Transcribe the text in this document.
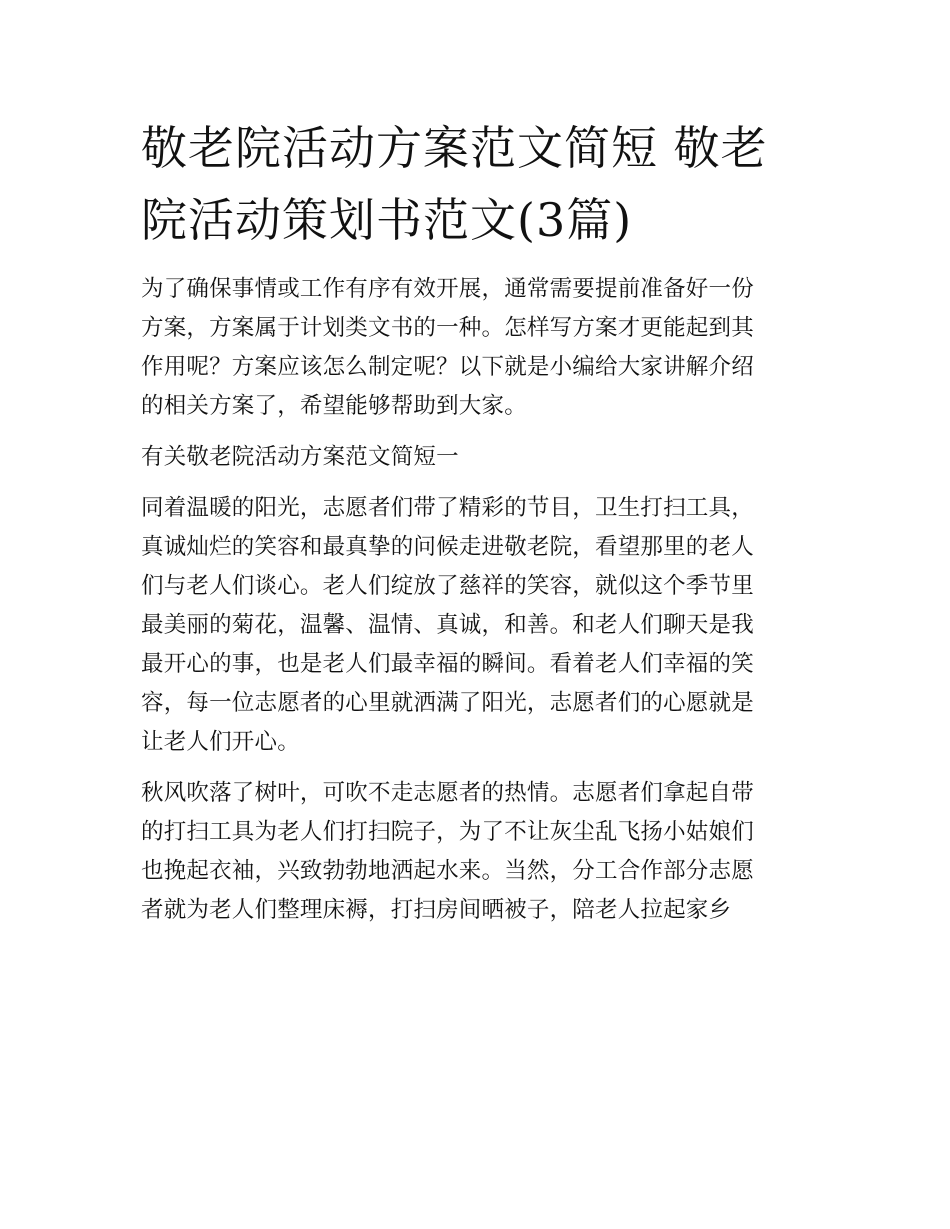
敬老院活动方案范文简短 敬老
院活动策划书范文(3篇)

为了确保事情或工作有序有效开展，通常需要提前准备好一份
方案，方案属于计划类文书的一种。怎样写方案才更能起到其
作用呢？方案应该怎么制定呢？以下就是小编给大家讲解介绍
的相关方案了，希望能够帮助到大家。

有关敬老院活动方案范文简短一

同着温暖的阳光，志愿者们带了精彩的节目，卫生打扫工具，
真诚灿烂的笑容和最真挚的问候走进敬老院，看望那里的老人
们与老人们谈心。老人们绽放了慈祥的笑容，就似这个季节里
最美丽的菊花，温馨、温情、真诚，和善。和老人们聊天是我
最开心的事，也是老人们最幸福的瞬间。看着老人们幸福的笑
容，每一位志愿者的心里就洒满了阳光，志愿者们的心愿就是
让老人们开心。

秋风吹落了树叶，可吹不走志愿者的热情。志愿者们拿起自带
的打扫工具为老人们打扫院子，为了不让灰尘乱飞扬小姑娘们
也挽起衣袖，兴致勃勃地洒起水来。当然，分工合作部分志愿
者就为老人们整理床褥，打扫房间晒被子，陪老人拉起家乡
